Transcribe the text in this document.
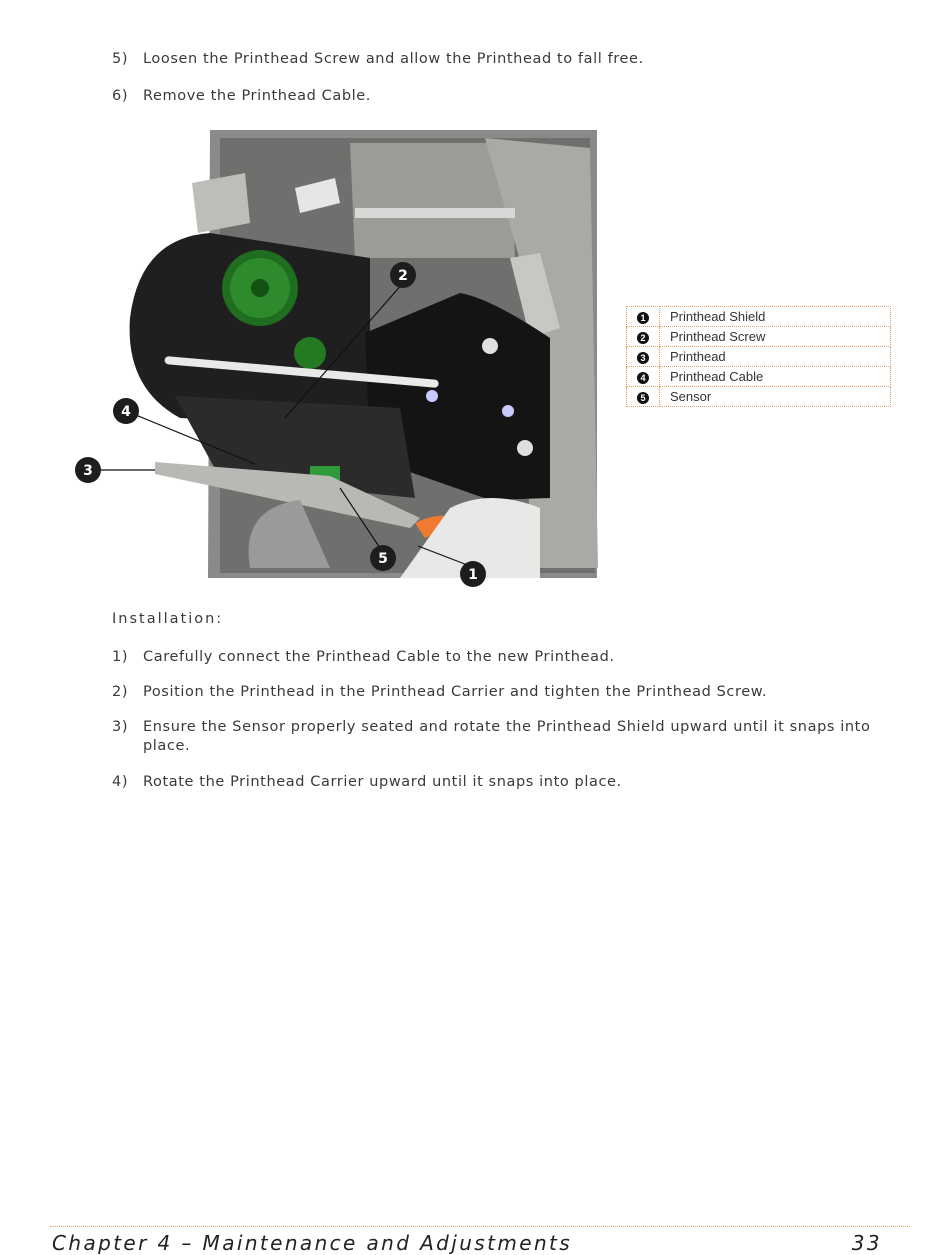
5) Loosen the Printhead Screw and allow the Printhead to fall free.
6) Remove the Printhead Cable.
2
4
3
5
1
1	Printhead Shield
2	Printhead Screw
3	Printhead
4	Printhead Cable
5	Sensor
Installation:
1) Carefully connect the Printhead Cable to the new Printhead.
2) Position the Printhead in the Printhead Carrier and tighten the Printhead Screw.
3) Ensure the Sensor properly seated and rotate the Printhead Shield upward until it snaps into place.
4) Rotate the Printhead Carrier upward until it snaps into place.
Chapter 4 – Maintenance and Adjustments	33
